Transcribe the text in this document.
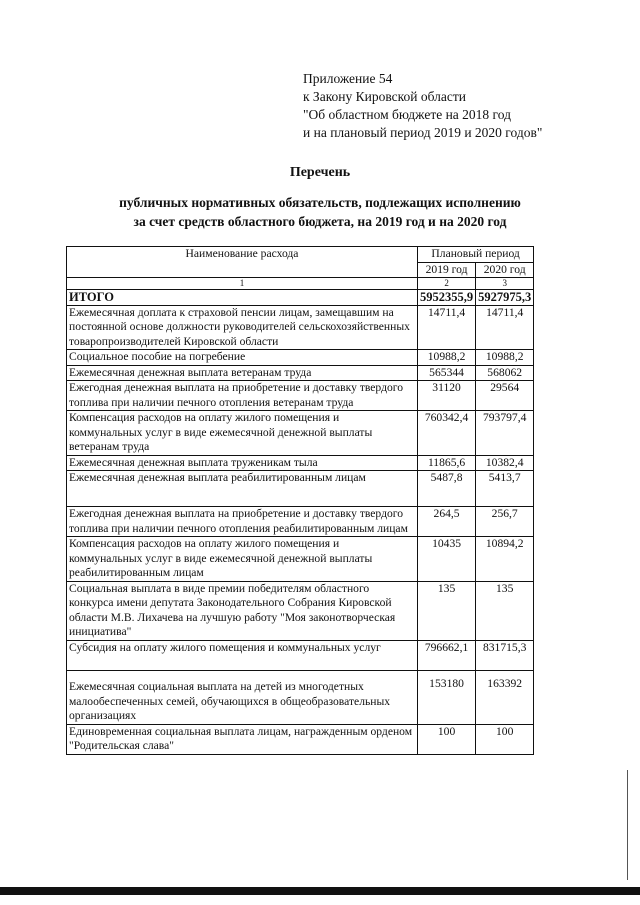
Приложение 54
к Закону Кировской области
"Об областном бюджете на 2018 год
и на плановый период 2019 и 2020 годов"
Перечень
публичных нормативных обязательств, подлежащих исполнению
за счет средств областного бюджета, на 2019 год и на 2020 год
Наименование расхода	Плановый период	
	2019 год	2020 год
1	2	3
ИТОГО	5952355,9	5927975,3
Ежемесячная доплата к страховой пенсии лицам, замещавшим на постоянной основе должности руководителей сельскохозяйственных товаропроизводителей Кировской области	14711,4	14711,4
Социальное пособие на погребение	10988,2	10988,2
Ежемесячная денежная выплата ветеранам труда	565344	568062
Ежегодная денежная выплата на приобретение и доставку твердого топлива при наличии печного отопления ветеранам труда	31120	29564
Компенсация расходов на оплату жилого помещения и коммунальных услуг в виде ежемесячной денежной выплаты ветеранам труда	760342,4	793797,4
Ежемесячная денежная выплата труженикам тыла	11865,6	10382,4
Ежемесячная денежная выплата реабилитированным лицам	5487,8	5413,7
Ежегодная денежная выплата на приобретение и доставку твердого топлива при наличии печного отопления реабилитированным лицам	264,5	256,7
Компенсация расходов на оплату жилого помещения и коммунальных услуг в виде ежемесячной денежной выплаты реабилитированным лицам	10435	10894,2
Социальная выплата в виде премии победителям областного конкурса имени депутата Законодательного Собрания Кировской области М.В. Лихачева на лучшую работу "Моя законотворческая инициатива"	135	135
Субсидия на оплату жилого помещения и коммунальных услуг	796662,1	831715,3
Ежемесячная социальная выплата на детей из многодетных малообеспеченных семей, обучающихся в общеобразовательных организациях	153180	163392
Единовременная социальная выплата лицам, награжденным орденом "Родительская слава"	100	100
